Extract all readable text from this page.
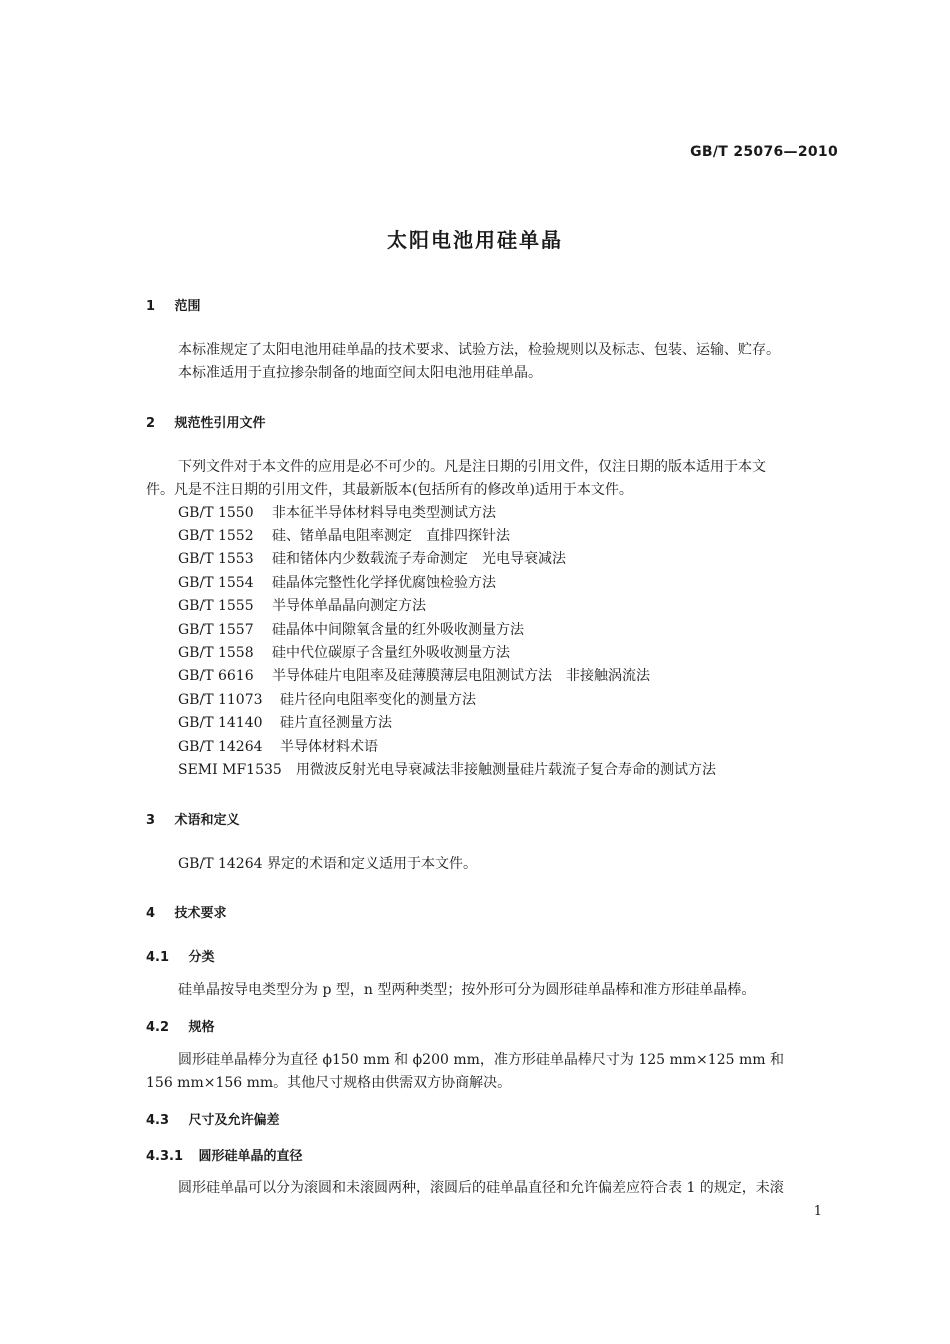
GB/T 25076—2010
太阳电池用硅单晶
1 范围
本标准规定了太阳电池用硅单晶的技术要求、试验方法，检验规则以及标志、包装、运输、贮存。
本标准适用于直拉掺杂制备的地面空间太阳电池用硅单晶。
2 规范性引用文件
下列文件对于本文件的应用是必不可少的。凡是注日期的引用文件，仅注日期的版本适用于本文
件。凡是不注日期的引用文件，其最新版本(包括所有的修改单)适用于本文件。
GB/T 1550 非本征半导体材料导电类型测试方法
GB/T 1552 硅、锗单晶电阻率测定　直排四探针法
GB/T 1553 硅和锗体内少数载流子寿命测定　光电导衰减法
GB/T 1554 硅晶体完整性化学择优腐蚀检验方法
GB/T 1555 半导体单晶晶向测定方法
GB/T 1557 硅晶体中间隙氧含量的红外吸收测量方法
GB/T 1558 硅中代位碳原子含量红外吸收测量方法
GB/T 6616 半导体硅片电阻率及硅薄膜薄层电阻测试方法　非接触涡流法
GB/T 11073 硅片径向电阻率变化的测量方法
GB/T 14140 硅片直径测量方法
GB/T 14264 半导体材料术语
SEMI MF1535 用微波反射光电导衰减法非接触测量硅片载流子复合寿命的测试方法
3 术语和定义
GB/T 14264 界定的术语和定义适用于本文件。
4 技术要求
4.1 分类
硅单晶按导电类型分为 p 型，n 型两种类型；按外形可分为圆形硅单晶棒和准方形硅单晶棒。
4.2 规格
圆形硅单晶棒分为直径 ϕ150 mm 和 ϕ200 mm，准方形硅单晶棒尺寸为 125 mm×125 mm 和
156 mm×156 mm。其他尺寸规格由供需双方协商解决。
4.3 尺寸及允许偏差
4.3.1 圆形硅单晶的直径
圆形硅单晶可以分为滚圆和未滚圆两种，滚圆后的硅单晶直径和允许偏差应符合表 1 的规定，未滚
1
